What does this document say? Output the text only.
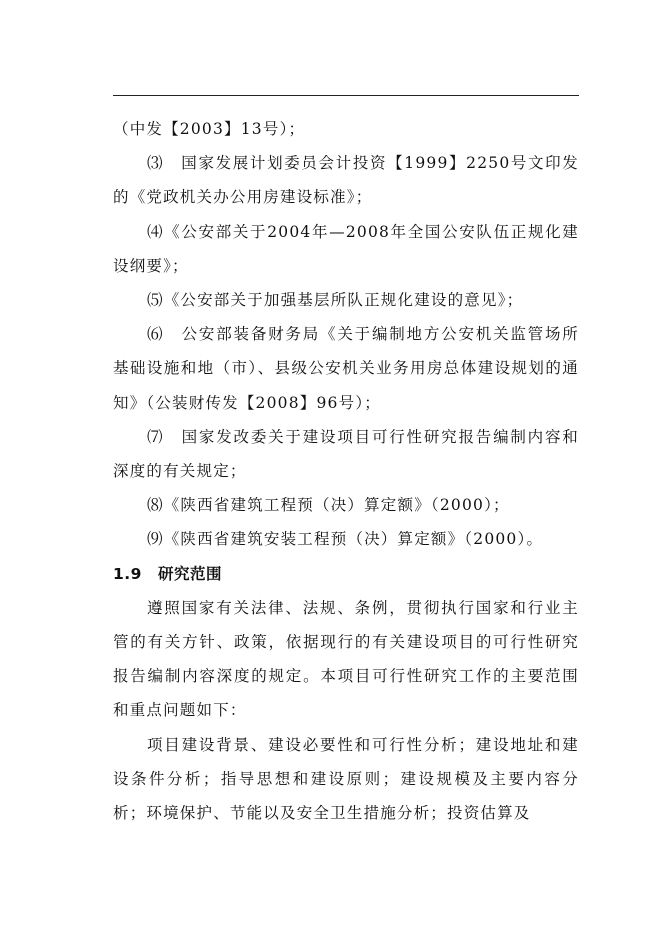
（中发【2003】13号）；

⑶　国家发展计划委员会计投资【1999】2250号文印发的《党政机关办公用房建设标准》；

⑷《公安部关于2004年—2008年全国公安队伍正规化建设纲要》；

⑸《公安部关于加强基层所队正规化建设的意见》；

⑹　公安部装备财务局《关于编制地方公安机关监管场所基础设施和地（市）、县级公安机关业务用房总体建设规划的通知》（公装财传发【2008】96号）；

⑺　国家发改委关于建设项目可行性研究报告编制内容和深度的有关规定；

⑻《陕西省建筑工程预（决）算定额》（2000）；

⑼《陕西省建筑安装工程预（决）算定额》（2000）。

1.9 研究范围

遵照国家有关法律、法规、条例，贯彻执行国家和行业主管的有关方针、政策，依据现行的有关建设项目的可行性研究报告编制内容深度的规定。本项目可行性研究工作的主要范围和重点问题如下：

项目建设背景、建设必要性和可行性分析；建设地址和建设条件分析；指导思想和建设原则；建设规模及主要内容分析；环境保护、节能以及安全卫生措施分析；投资估算及
